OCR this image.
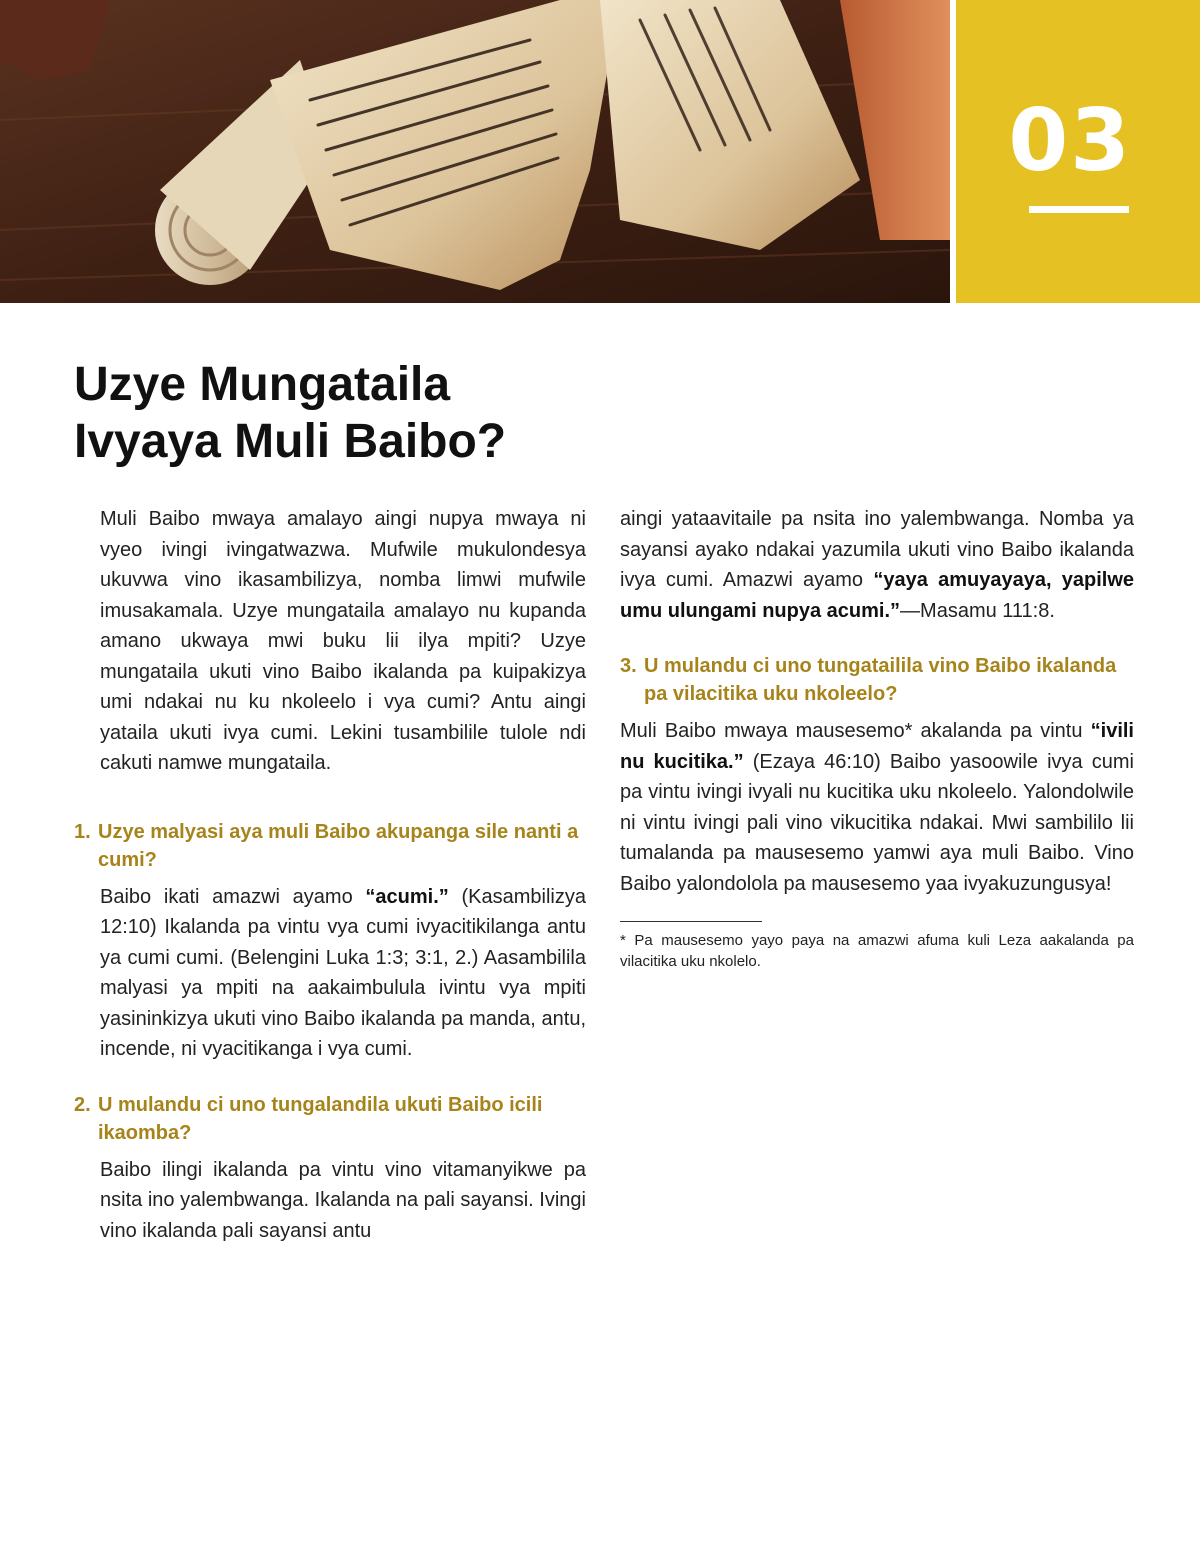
03
Uzye Mungataila
Ivyaya Muli Baibo?

Muli Baibo mwaya amalayo aingi nupya mwaya ni vyeo ivingi ivingatwazwa. Mufwile mukulondesya ukuvwa vino ikasambilizya, nomba limwi mufwile imusakamala. Uzye mungataila amalayo nu kupanda amano ukwaya mwi buku lii ilya mpiti? Uzye mungataila ukuti vino Baibo ikalanda pa kuipakizya umi ndakai nu ku nkoleelo i vya cumi? Antu aingi yataila ukuti ivya cumi. Lekini tusambilile tulole ndi cakuti namwe mungataila.

1. Uzye malyasi aya muli Baibo akupanga sile nanti a cumi?

Baibo ikati amazwi ayamo “acumi.” (Kasambilizya 12:10) Ikalanda pa vintu vya cumi ivyacitikilanga antu ya cumi cumi. (Belengini Luka 1:3; 3:1, 2.) Aasambilila malyasi ya mpiti na aakaimbulula ivintu vya mpiti yasininkizya ukuti vino Baibo ikalanda pa manda, antu, incende, ni vyacitikanga i vya cumi.

2. U mulandu ci uno tungalandila ukuti Baibo icili ikaomba?

Baibo ilingi ikalanda pa vintu vino vitamanyikwe pa nsita ino yalembwanga. Ikalanda na pali sayansi. Ivingi vino ikalanda pali sayansi antu

aingi yataavitaile pa nsita ino yalembwanga. Nomba ya sayansi ayako ndakai yazumila ukuti vino Baibo ikalanda ivya cumi. Amazwi ayamo “yaya amuyayaya, yapilwe umu ulungami nupya acumi.”—Masamu 111:8.

3. U mulandu ci uno tungatailila vino Baibo ikalanda pa vilacitika uku nkoleelo?

Muli Baibo mwaya mausesemo* akalanda pa vintu “ivili nu kucitika.” (Ezaya 46:10) Baibo yasoowile ivya cumi pa vintu ivingi ivyali nu kucitika uku nkoleelo. Yalondolwile ni vintu ivingi pali vino vikucitika ndakai. Mwi sambililo lii tumalanda pa mausesemo yamwi aya muli Baibo. Vino Baibo yalondolola pa mausesemo yaa ivyakuzungusya!

* Pa mausesemo yayo paya na amazwi afuma kuli Leza aakalanda pa vilacitika uku nkolelo.
